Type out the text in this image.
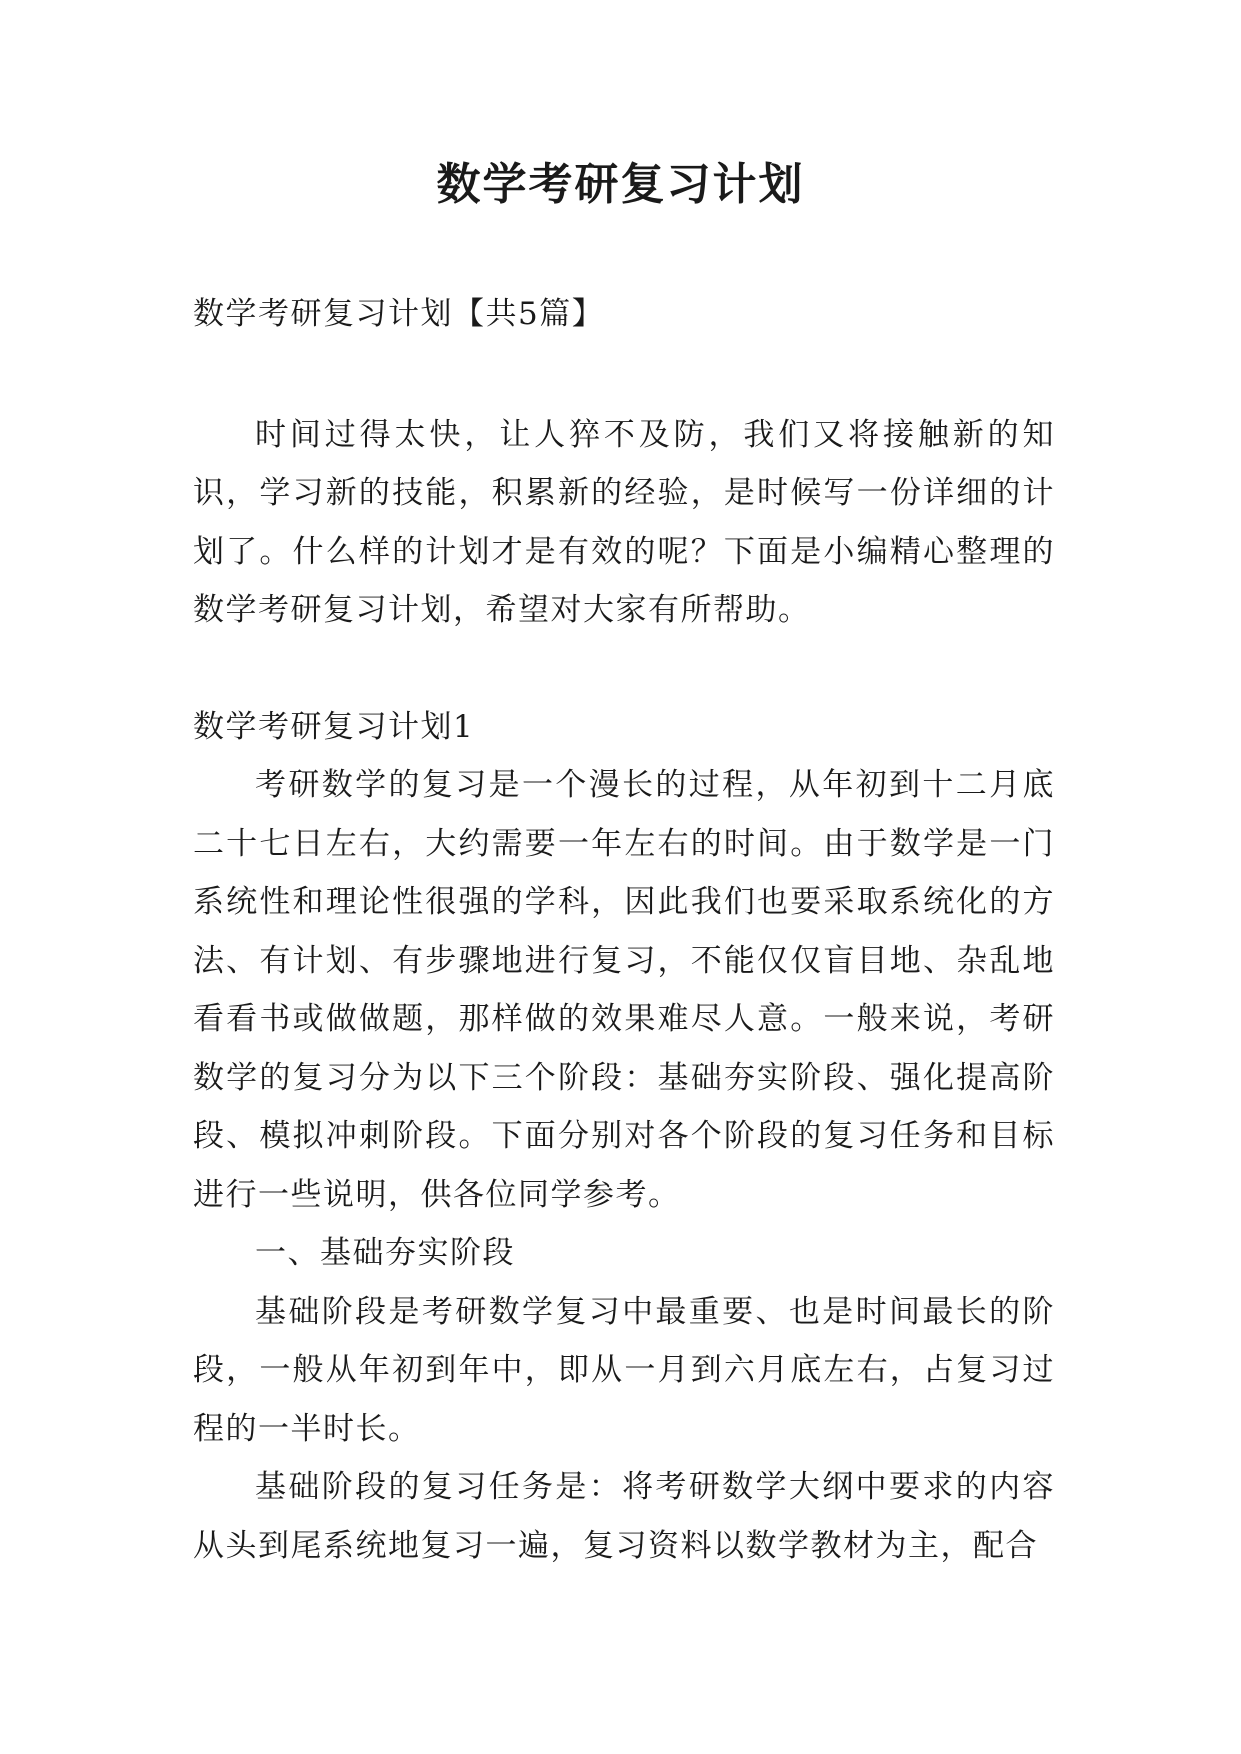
数学考研复习计划

数学考研复习计划【共5篇】

时间过得太快，让人猝不及防，我们又将接触新的知识，学习新的技能，积累新的经验，是时候写一份详细的计划了。什么样的计划才是有效的呢？下面是小编精心整理的数学考研复习计划，希望对大家有所帮助。

数学考研复习计划1

考研数学的复习是一个漫长的过程，从年初到十二月底二十七日左右，大约需要一年左右的时间。由于数学是一门系统性和理论性很强的学科，因此我们也要采取系统化的方法、有计划、有步骤地进行复习，不能仅仅盲目地、杂乱地看看书或做做题，那样做的效果难尽人意。一般来说，考研数学的复习分为以下三个阶段：基础夯实阶段、强化提高阶段、模拟冲刺阶段。下面分别对各个阶段的复习任务和目标进行一些说明，供各位同学参考。

一、基础夯实阶段

基础阶段是考研数学复习中最重要、也是时间最长的阶段，一般从年初到年中，即从一月到六月底左右，占复习过程的一半时长。

基础阶段的复习任务是：将考研数学大纲中要求的内容从头到尾系统地复习一遍，复习资料以数学教材为主，配合
